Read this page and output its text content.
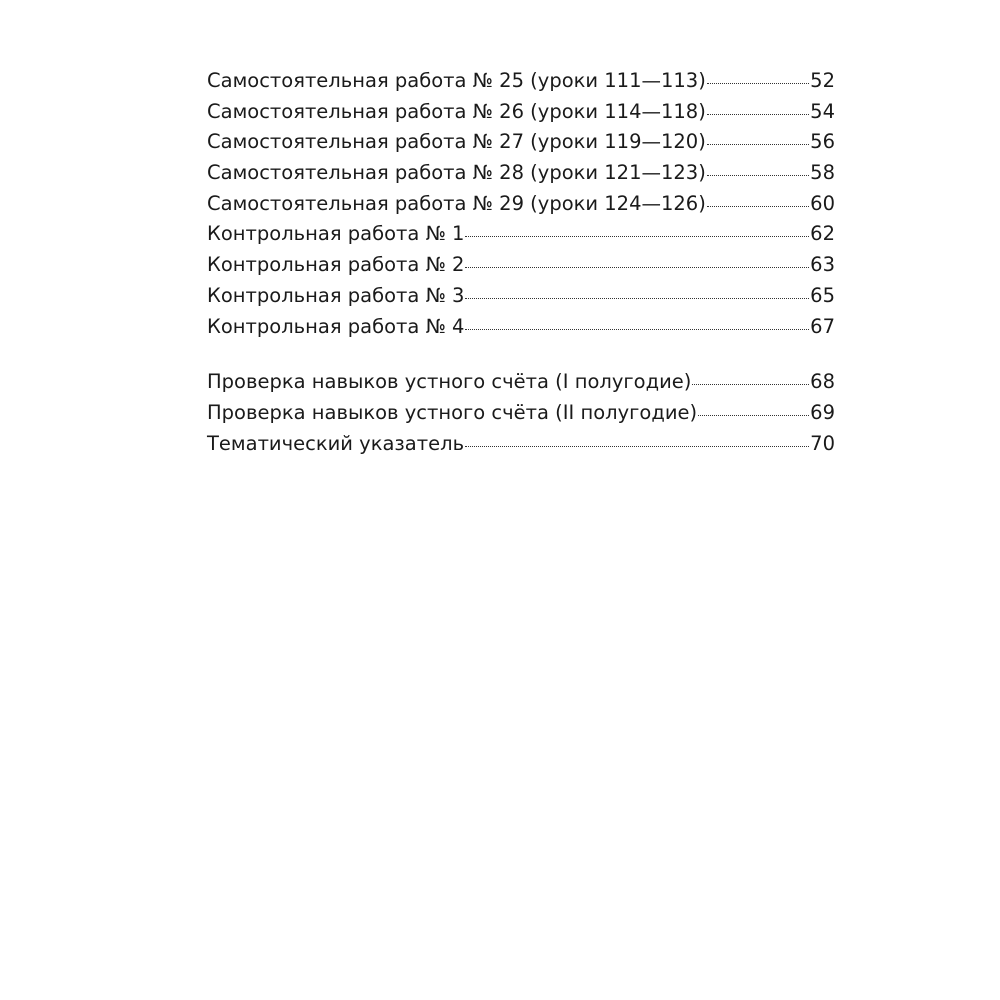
Самостоятельная работа № 25 (уроки 111—113)	52
Самостоятельная работа № 26 (уроки 114—118)	54
Самостоятельная работа № 27 (уроки 119—120)	56
Самостоятельная работа № 28 (уроки 121—123)	58
Самостоятельная работа № 29 (уроки 124—126)	60
Контрольная работа № 1	62
Контрольная работа № 2	63
Контрольная работа № 3	65
Контрольная работа № 4	67
Проверка навыков устного счёта (I полугодие)	68
Проверка навыков устного счёта (II полугодие)	69
Тематический указатель	70
